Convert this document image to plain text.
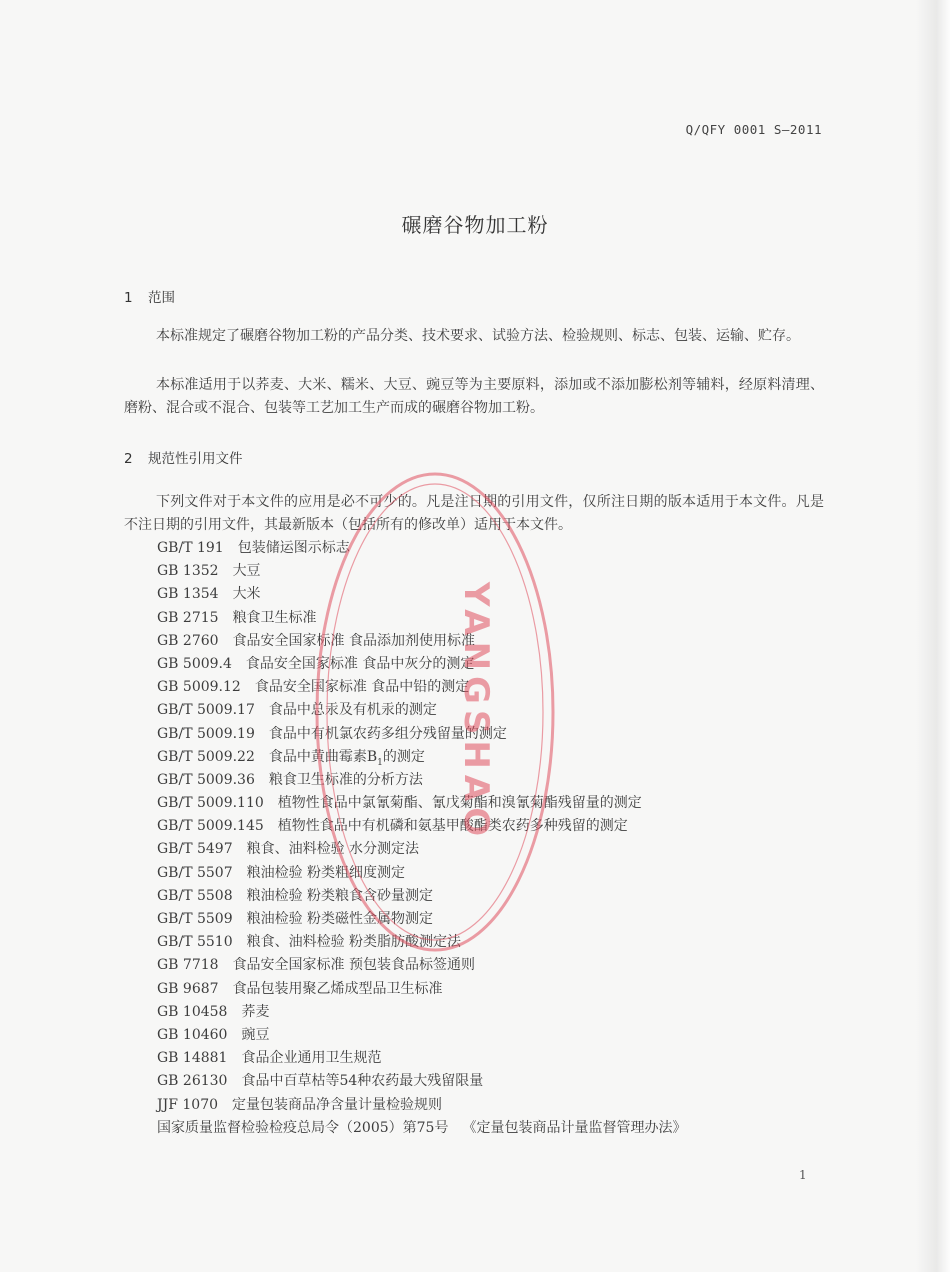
Q/QFY 0001 S—2011
碾磨谷物加工粉
1 范围
本标准规定了碾磨谷物加工粉的产品分类、技术要求、试验方法、检验规则、标志、包装、运输、贮存。
本标准适用于以荞麦、大米、糯米、大豆、豌豆等为主要原料，添加或不添加膨松剂等辅料，经原料清理、磨粉、混合或不混合、包装等工艺加工生产而成的碾磨谷物加工粉。
2 规范性引用文件
下列文件对于本文件的应用是必不可少的。凡是注日期的引用文件，仅所注日期的版本适用于本文件。凡是不注日期的引用文件，其最新版本（包括所有的修改单）适用于本文件。
GB/T 191 包装储运图示标志
GB 1352 大豆
GB 1354 大米
GB 2715 粮食卫生标准
GB 2760 食品安全国家标准 食品添加剂使用标准
GB 5009.4 食品安全国家标准 食品中灰分的测定
GB 5009.12 食品安全国家标准 食品中铅的测定
GB/T 5009.17 食品中总汞及有机汞的测定
GB/T 5009.19 食品中有机氯农药多组分残留量的测定
GB/T 5009.22 食品中黄曲霉素$B_1$的测定
GB/T 5009.36 粮食卫生标准的分析方法
GB/T 5009.110 植物性食品中氯氰菊酯、氰戊菊酯和溴氰菊酯残留量的测定
GB/T 5009.145 植物性食品中有机磷和氨基甲酸酯类农药多种残留的测定
GB/T 5497 粮食、油料检验 水分测定法
GB/T 5507 粮油检验 粉类粗细度测定
GB/T 5508 粮油检验 粉类粮食含砂量测定
GB/T 5509 粮油检验 粉类磁性金属物测定
GB/T 5510 粮食、油料检验 粉类脂肪酸测定法
GB 7718 食品安全国家标准 预包装食品标签通则
GB 9687 食品包装用聚乙烯成型品卫生标准
GB 10458 荞麦
GB 10460 豌豆
GB 14881 食品企业通用卫生规范
GB 26130 食品中百草枯等54种农药最大残留限量
JJF 1070 定量包装商品净含量计量检验规则
国家质量监督检验检疫总局令（2005）第75号 《定量包装商品计量监督管理办法》
1
YANGSHAO
